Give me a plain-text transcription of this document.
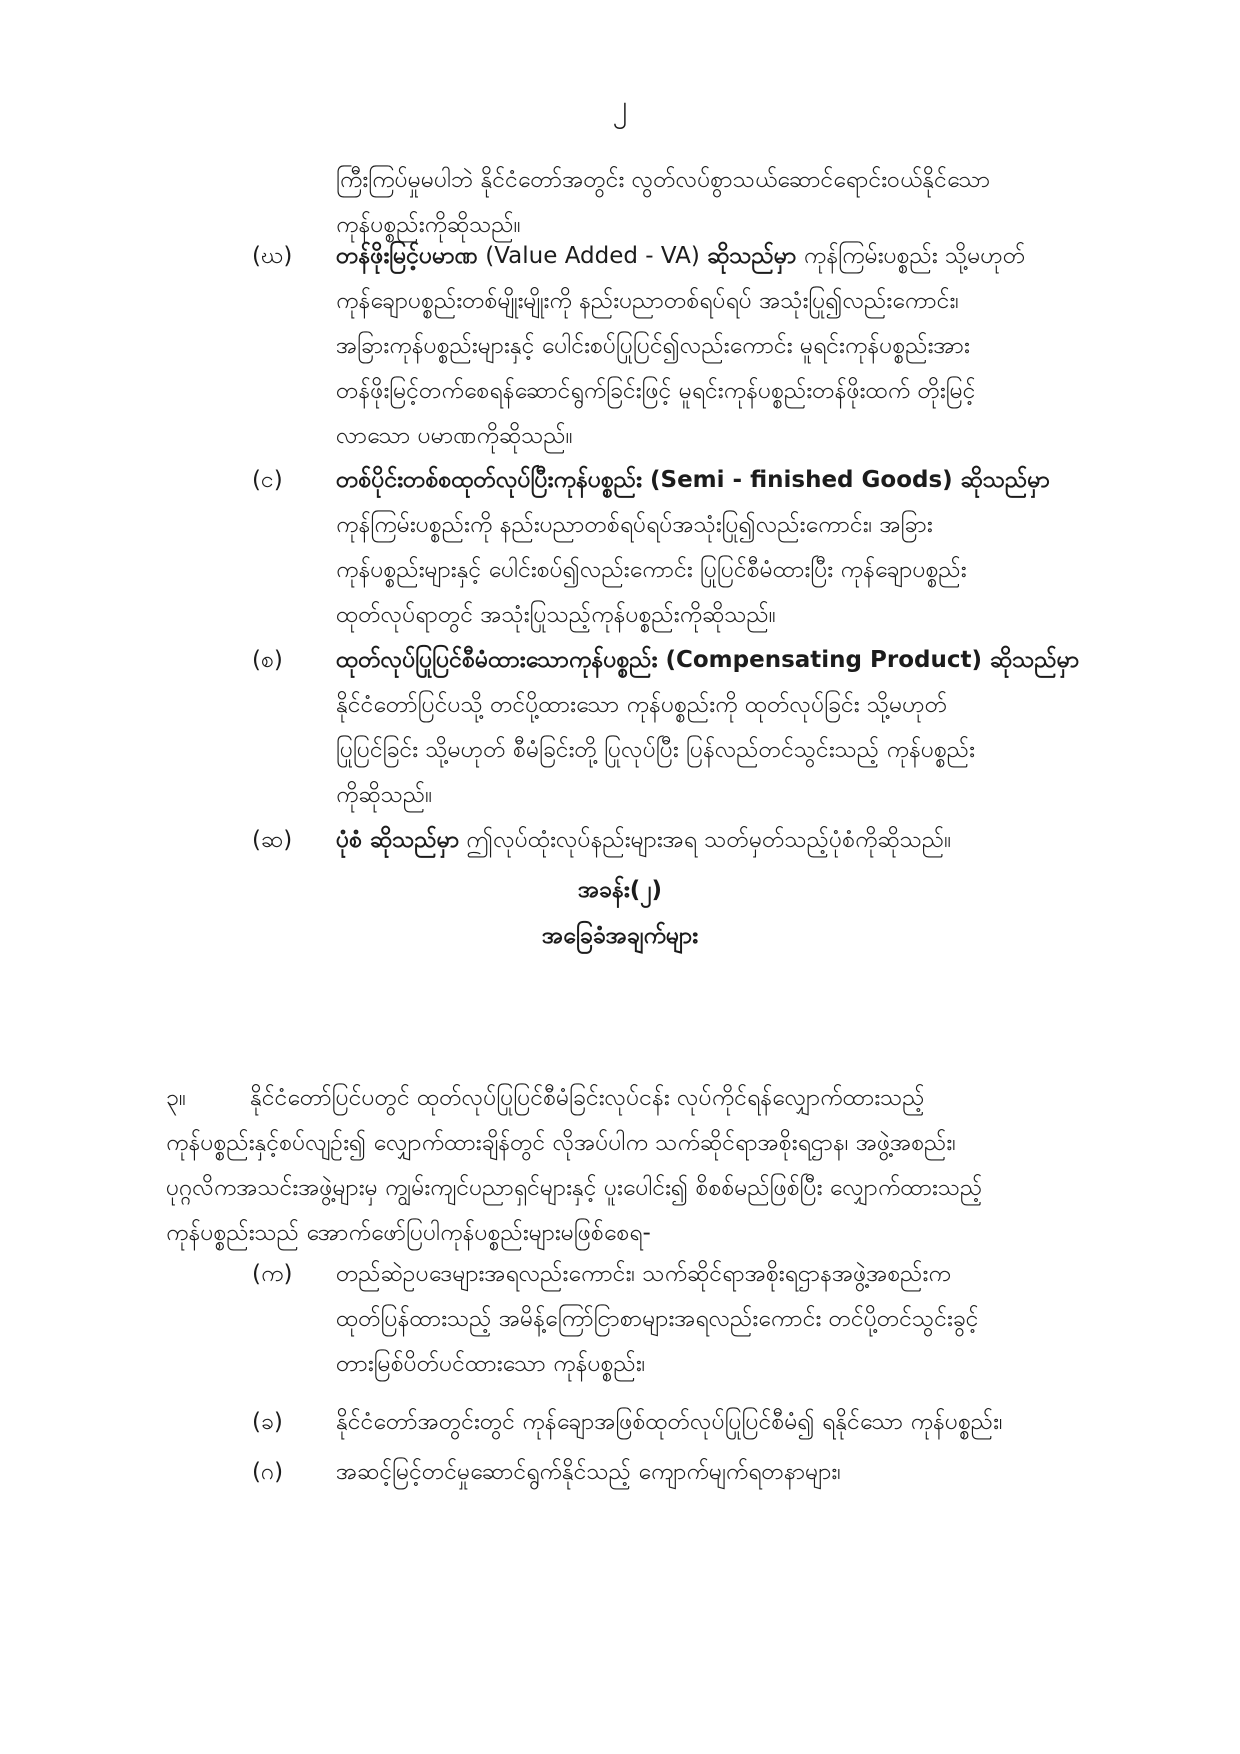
၂
ကြီးကြပ်မှုမပါဘဲ နိုင်ငံတော်အတွင်း လွတ်လပ်စွာသယ်ဆောင်ရောင်းဝယ်နိုင်သော
ကုန်ပစ္စည်းကိုဆိုသည်။
(ဃ)	တန်ဖိုးမြင့်ပမာဏ (Value Added - VA) ဆိုသည်မှာ ကုန်ကြမ်းပစ္စည်း သို့မဟုတ်

ကုန်ချောပစ္စည်းတစ်မျိုးမျိုးကို နည်းပညာတစ်ရပ်ရပ် အသုံးပြု၍လည်းကောင်း၊

အခြားကုန်ပစ္စည်းများနှင့် ပေါင်းစပ်ပြုပြင်၍လည်းကောင်း မူရင်းကုန်ပစ္စည်းအား

တန်ဖိုးမြင့်တက်စေရန်ဆောင်ရွက်ခြင်းဖြင့် မူရင်းကုန်ပစ္စည်းတန်ဖိုးထက် တိုးမြင့်

လာသော ပမာဏကိုဆိုသည်။

(င)	တစ်ပိုင်းတစ်စထုတ်လုပ်ပြီးကုန်ပစ္စည်း (Semi - finished Goods) ဆိုသည်မှာ

ကုန်ကြမ်းပစ္စည်းကို နည်းပညာတစ်ရပ်ရပ်အသုံးပြု၍လည်းကောင်း၊ အခြား

ကုန်ပစ္စည်းများနှင့် ပေါင်းစပ်၍လည်းကောင်း ပြုပြင်စီမံထားပြီး ကုန်ချောပစ္စည်း

ထုတ်လုပ်ရာတွင် အသုံးပြုသည့်ကုန်ပစ္စည်းကိုဆိုသည်။

(စ)	ထုတ်လုပ်ပြုပြင်စီမံထားသောကုန်ပစ္စည်း (Compensating Product) ဆိုသည်မှာ

နိုင်ငံတော်ပြင်ပသို့ တင်ပို့ထားသော ကုန်ပစ္စည်းကို ထုတ်လုပ်ခြင်း သို့မဟုတ်

ပြုပြင်ခြင်း သို့မဟုတ် စီမံခြင်းတို့ ပြုလုပ်ပြီး ပြန်လည်တင်သွင်းသည့် ကုန်ပစ္စည်း

ကိုဆိုသည်။

(ဆ)	ပုံစံ ဆိုသည်မှာ ဤလုပ်ထုံးလုပ်နည်းများအရ သတ်မှတ်သည့်ပုံစံကိုဆိုသည်။

အခန်း(၂)
အခြေခံအချက်များ

၃။	နိုင်ငံတော်ပြင်ပတွင် ထုတ်လုပ်ပြုပြင်စီမံခြင်းလုပ်ငန်း လုပ်ကိုင်ရန်လျှောက်ထားသည့်

ကုန်ပစ္စည်းနှင့်စပ်လျဉ်း၍ လျှောက်ထားချိန်တွင် လိုအပ်ပါက သက်ဆိုင်ရာအစိုးရဌာန၊ အဖွဲ့အစည်း၊

ပုဂ္ဂလိကအသင်းအဖွဲ့များမှ ကျွမ်းကျင်ပညာရှင်များနှင့် ပူးပေါင်း၍ စိစစ်မည်ဖြစ်ပြီး လျှောက်ထားသည့်

ကုန်ပစ္စည်းသည် အောက်ဖော်ပြပါကုန်ပစ္စည်းများမဖြစ်စေရ-

(က)	တည်ဆဲဥပဒေများအရလည်းကောင်း၊ သက်ဆိုင်ရာအစိုးရဌာနအဖွဲ့အစည်းက

ထုတ်ပြန်ထားသည့် အမိန့်ကြော်ငြာစာများအရလည်းကောင်း တင်ပို့တင်သွင်းခွင့်

တားမြစ်ပိတ်ပင်ထားသော ကုန်ပစ္စည်း၊

(ခ)	နိုင်ငံတော်အတွင်းတွင် ကုန်ချောအဖြစ်ထုတ်လုပ်ပြုပြင်စီမံ၍ ရနိုင်သော ကုန်ပစ္စည်း၊

(ဂ)	အဆင့်မြင့်တင်မှုဆောင်ရွက်နိုင်သည့် ကျောက်မျက်ရတနာများ၊
